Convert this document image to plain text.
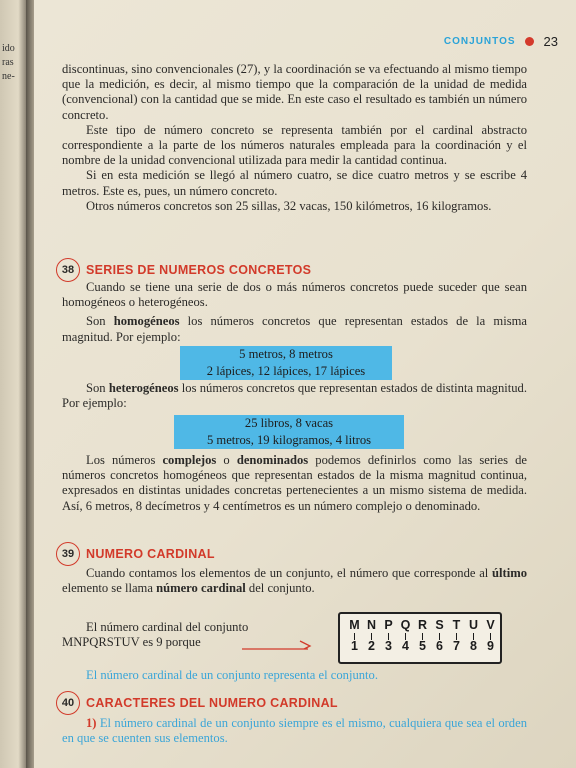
ido
ras
ne-
CONJUNTOS 23

discontinuas, sino convencionales (27), y la coordinación se va efectuando al mismo tiempo que la medición, es decir, al mismo tiempo que la comparación de la unidad de medida (convencional) con la cantidad que se mide. En este caso el resultado es también un número concreto.

Este tipo de número concreto se representa también por el cardinal abstracto correspondiente a la parte de los números naturales empleada para la coordinación y el nombre de la unidad convencional utilizada para medir la cantidad continua.

Si en esta medición se llegó al número cuatro, se dice cuatro metros y se escribe 4 metros. Este es, pues, un número concreto.

Otros números concretos son 25 sillas, 32 vacas, 150 kilómetros, 16 kilogramos.

38 SERIES DE NUMEROS CONCRETOS

Cuando se tiene una serie de dos o más números concretos puede suceder que sean homogéneos o heterogéneos.

Son homogéneos los números concretos que representan estados de la misma magnitud. Por ejemplo:

5 metros, 8 metros
2 lápices, 12 lápices, 17 lápices

Son heterogéneos los números concretos que representan estados de distinta magnitud. Por ejemplo:

25 libros, 8 vacas
5 metros, 19 kilogramos, 4 litros

Los números complejos o denominados podemos definirlos como las series de números concretos homogéneos que representan estados de la misma magnitud continua, expresados en distintas unidades concretas pertenecientes a un mismo sistema de medida. Así, 6 metros, 8 decímetros y 4 centímetros es un número complejo o denominado.

39 NUMERO CARDINAL

Cuando contamos los elementos de un conjunto, el número que corresponde al último elemento se llama número cardinal del conjunto.

El número cardinal del conjunto
MNPQRSTUV es 9 porque
M N P Q R S T U V
1 2 3 4 5 6 7 8 9
El número cardinal de un conjunto representa el conjunto.
40 CARACTERES DEL NUMERO CARDINAL

1) El número cardinal de un conjunto siempre es el mismo, cualquiera que sea el orden en que se cuenten sus elementos.
